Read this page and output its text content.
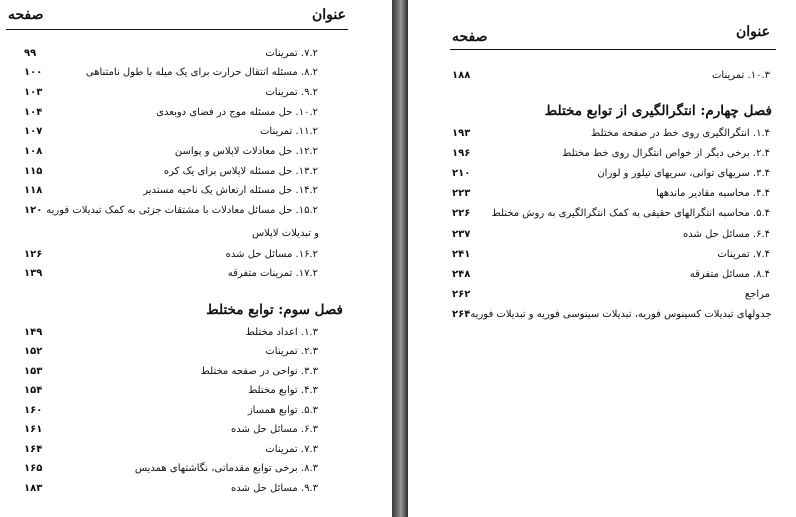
صفحه	عنوان
۹۹	۷.۲. تمرینات
۱۰۰	۸.۲. مسئله انتقال حرارت برای یک میله با طول نامتناهی
۱۰۳	۹.۲. تمرینات
۱۰۴	۱۰.۲. حل مسئله موج در فضای دوبعدی
۱۰۷	۱۱.۲. تمرینات
۱۰۸	۱۲.۲. حل معادلات لاپلاس و پواسن
۱۱۵	۱۳.۲. حل مسئله لاپلاس برای یک کره
۱۱۸	۱۴.۲. حل مسئله ارتعاش یک ناحیه مستدیر
۱۲۰ ۱۵.۲. حل مسائل معادلات با مشتقات جزئی به کمک تبدیلات فوریه
و تبدیلات لاپلاس
۱۲۶	۱۶.۲. مسائل حل شده
۱۳۹	۱۷.۲. تمرینات متفرقه
فصل سوم: توابع مختلط
۱۴۹	۱.۳. اعداد مختلط
۱۵۲	۲.۳. تمرینات
۱۵۳	۳.۳. نواحی در صفحه مختلط
۱۵۴	۴.۳. توابع مختلط
۱۶۰	۵.۳. توابع همساز
۱۶۱	۶.۳. مسائل حل شده
۱۶۴	۷.۳. تمرینات
۱۶۵	۸.۳. برخی توابع مقدماتی، نگاشتهای همدیس
۱۸۳	۹.۳. مسائل حل شده
عنوان
صفحه
۱۸۸	۱۰.۳. تمرینات
فصل چهارم: انتگرالگیری از توابع مختلط
۱۹۳	۱.۴. انتگرالگیری روی خط در صفحه مختلط
۱۹۶	۲.۴. برخی دیگر از خواص انتگرال روی خط مختلط
۲۱۰	۳.۴. سریهای توانی، سریهای تیلور و لوران
۲۲۳	۴.۴. محاسبه مقادیر ماندهها
۲۲۶ ۵.۴. محاسبه انتگرالهای حقیقی به کمک انتگرالگیری به روش مختلط
۲۳۷	۶.۴. مسائل حل شده
۲۴۱	۷.۴. تمرینات
۲۴۸	۸.۴. مسائل متفرقه
۲۶۲	مراجع
۲۶۴ جدولهای تبدیلات کسینوس فوریه، تبدیلات سینوسی فوریه و تبدیلات فوریه
